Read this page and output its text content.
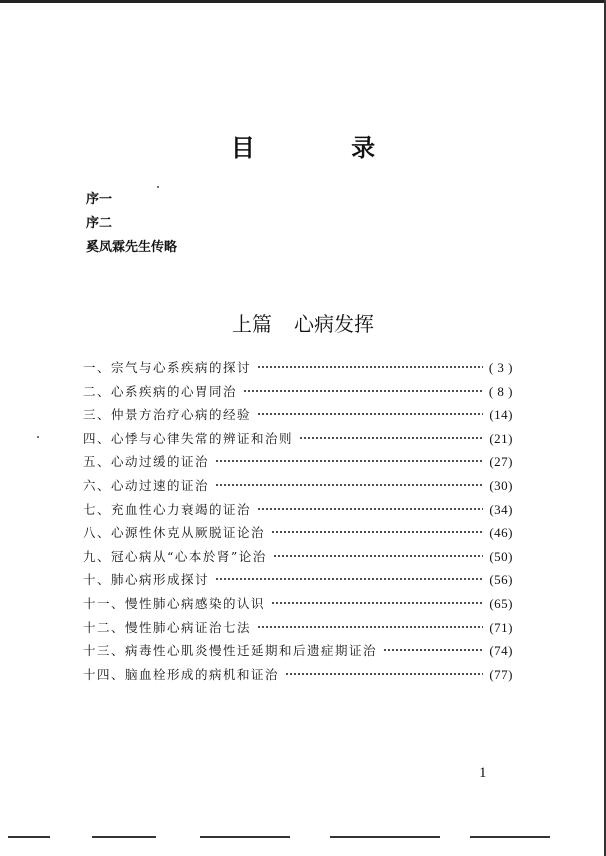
目 录
序一
序二
奚凤霖先生传略
上篇 心病发挥
一、宗气与心系疾病的探讨	( 3 )
二、心系疾病的心胃同治	( 8 )
三、仲景方治疗心病的经验	(14)
四、心悸与心律失常的辨证和治则	(21)
五、心动过缓的证治	(27)
六、心动过速的证治	(30)
七、充血性心力衰竭的证治	(34)
八、心源性休克从厥脱证论治	(46)
九、冠心病从“心本於肾”论治	(50)
十、肺心病形成探讨	(56)
十一、慢性肺心病感染的认识	(65)
十二、慢性肺心病证治七法	(71)
十三、病毒性心肌炎慢性迁延期和后遗症期证治	(74)
十四、脑血栓形成的病机和证治	(77)
1
